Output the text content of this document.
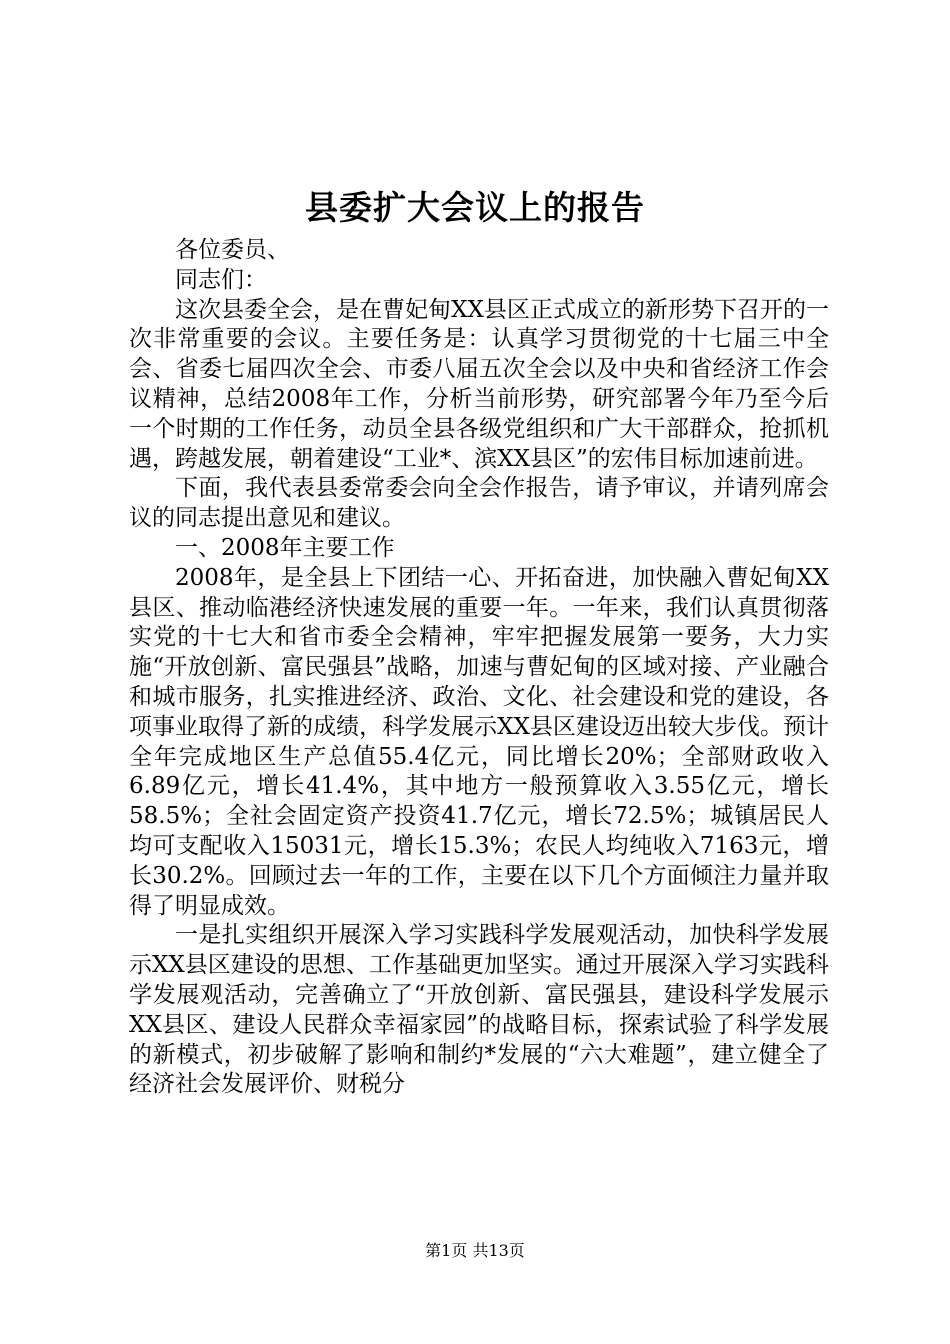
县委扩大会议上的报告

各位委员、

同志们：

这次县委全会，是在曹妃甸XX县区正式成立的新形势下召开的一次非常重要的会议。主要任务是：认真学习贯彻党的十七届三中全会、省委七届四次全会、市委八届五次全会以及中央和省经济工作会议精神，总结2008年工作，分析当前形势，研究部署今年乃至今后一个时期的工作任务，动员全县各级党组织和广大干部群众，抢抓机遇，跨越发展，朝着建设“工业*、滨XX县区”的宏伟目标加速前进。

下面，我代表县委常委会向全会作报告，请予审议，并请列席会议的同志提出意见和建议。

一、2008年主要工作

2008年，是全县上下团结一心、开拓奋进，加快融入曹妃甸XX县区、推动临港经济快速发展的重要一年。一年来，我们认真贯彻落实党的十七大和省市委全会精神，牢牢把握发展第一要务，大力实施“开放创新、富民强县”战略，加速与曹妃甸的区域对接、产业融合和城市服务，扎实推进经济、政治、文化、社会建设和党的建设，各项事业取得了新的成绩，科学发展示XX县区建设迈出较大步伐。预计全年完成地区生产总值55.4亿元，同比增长20%；全部财政收入6.89亿元，增长41.4%，其中地方一般预算收入3.55亿元，增长58.5%；全社会固定资产投资41.7亿元，增长72.5%；城镇居民人均可支配收入15031元，增长15.3%；农民人均纯收入7163元，增长30.2%。回顾过去一年的工作，主要在以下几个方面倾注力量并取得了明显成效。

一是扎实组织开展深入学习实践科学发展观活动，加快科学发展示XX县区建设的思想、工作基础更加坚实。通过开展深入学习实践科学发展观活动，完善确立了“开放创新、富民强县，建设科学发展示XX县区、建设人民群众幸福家园”的战略目标，探索试验了科学发展的新模式，初步破解了影响和制约*发展的“六大难题”，建立健全了经济社会发展评价、财税分

第1页 共13页
